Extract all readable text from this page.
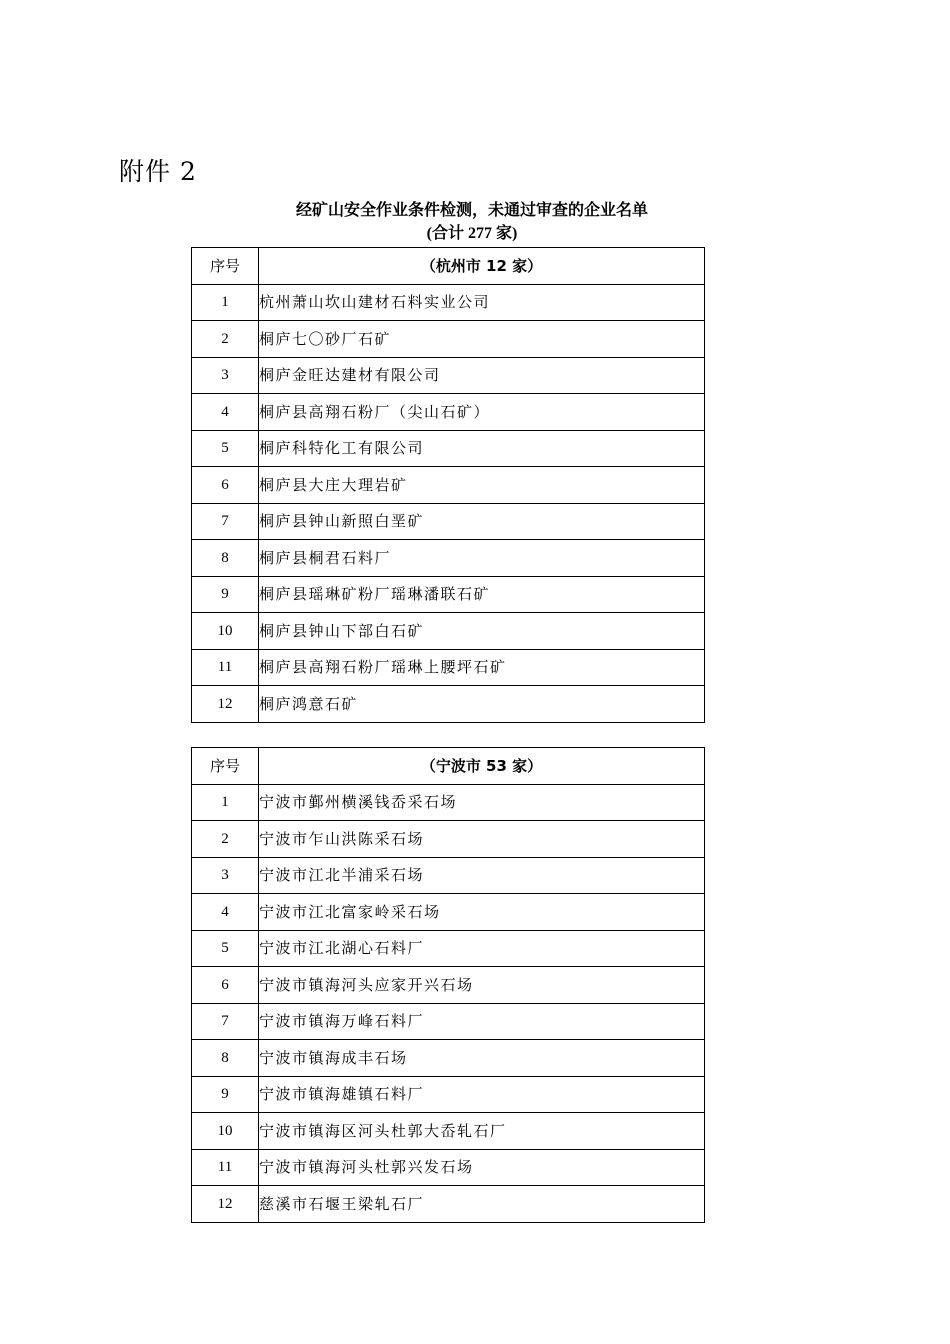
附件 2
经矿山安全作业条件检测，未通过审查的企业名单
(合计 277 家)
序号	（杭州市 12 家）
1	杭州萧山坎山建材石料实业公司
2	桐庐七〇砂厂石矿
3	桐庐金旺达建材有限公司
4	桐庐县高翔石粉厂（尖山石矿）
5	桐庐科特化工有限公司
6	桐庐县大庄大理岩矿
7	桐庐县钟山新照白垩矿
8	桐庐县桐君石料厂
9	桐庐县瑶琳矿粉厂瑶琳潘联石矿
10	桐庐县钟山下部白石矿
11	桐庐县高翔石粉厂瑶琳上腰坪石矿
12	桐庐鸿意石矿
序号	（宁波市 53 家）
1	宁波市鄞州横溪钱岙采石场
2	宁波市乍山洪陈采石场
3	宁波市江北半浦采石场
4	宁波市江北富家岭采石场
5	宁波市江北湖心石料厂
6	宁波市镇海河头应家开兴石场
7	宁波市镇海万峰石料厂
8	宁波市镇海成丰石场
9	宁波市镇海雄镇石料厂
10	宁波市镇海区河头杜郭大岙轧石厂
11	宁波市镇海河头杜郭兴发石场
12	慈溪市石堰王梁轧石厂
